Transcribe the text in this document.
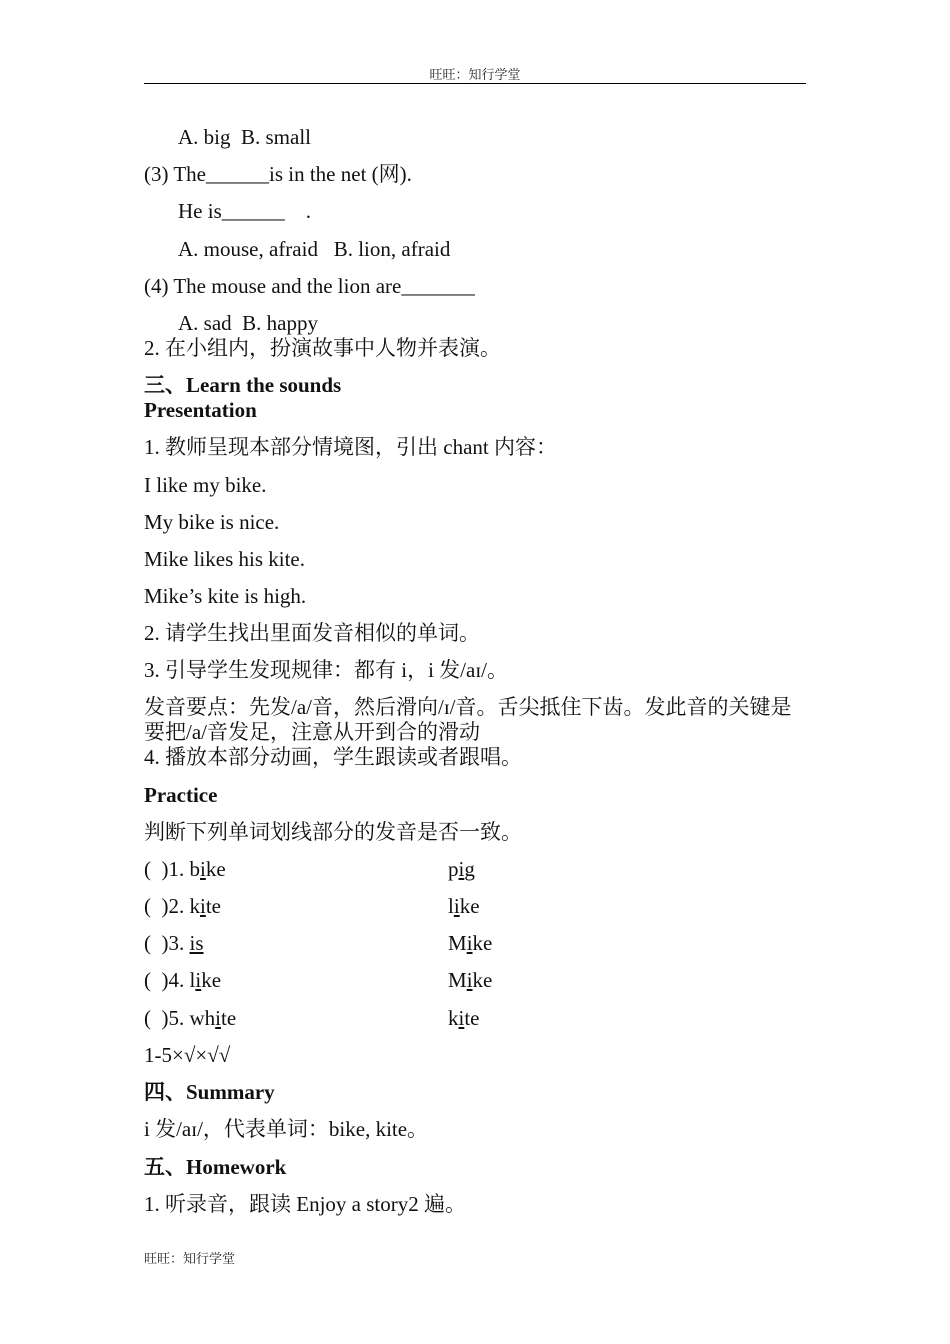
旺旺：知行学堂
A. big  B. small
(3) The______is in the net (网).
He is______    .
A. mouse, afraid   B. lion, afraid
(4) The mouse and the lion are_______
A. sad  B. happy
2. 在小组内，扮演故事中人物并表演。
三、Learn the sounds
Presentation
1. 教师呈现本部分情境图，引出 chant 内容：
I like my bike.
My bike is nice.
Mike likes his kite.
Mike’s kite is high.
2. 请学生找出里面发音相似的单词。
3. 引导学生发现规律：都有 i，i 发/aɪ/。
发音要点：先发/a/音，然后滑向/ɪ/音。舌尖抵住下齿。发此音的关键是要把/a/音发足，注意从开到合的滑动
4. 播放本部分动画，学生跟读或者跟唱。
Practice
判断下列单词划线部分的发音是否一致。
(  )1. bike	pig
(  )2. kite	like
(  )3. is	Mike
(  )4. like	Mike
(  )5. white	kite
1-5×√×√√
四、Summary
i 发/aɪ/，代表单词：bike, kite。
五、Homework
1. 听录音，跟读 Enjoy a story2 遍。
旺旺：知行学堂
